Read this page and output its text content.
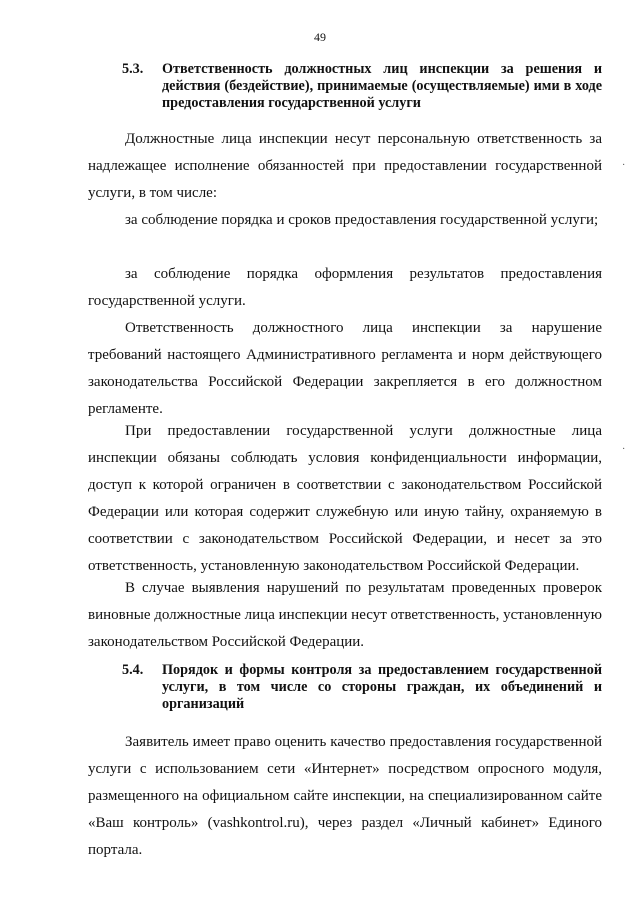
49
5.3. Ответственность должностных лиц инспекции за решения и действия (бездействие), принимаемые (осуществляемые) ими в ходе предоставления государственной услуги

Должностные лица инспекции несут персональную ответственность за надлежащее исполнение обязанностей при предоставлении государственной услуги, в том числе:

за соблюдение порядка и сроков предоставления государственной услуги;

за соблюдение порядка оформления результатов предоставления государственной услуги.

Ответственность должностного лица инспекции за нарушение требований настоящего Административного регламента и норм действующего законодательства Российской Федерации закрепляется в его должностном регламенте.

При предоставлении государственной услуги должностные лица инспекции обязаны соблюдать условия конфиденциальности информации, доступ к которой ограничен в соответствии с законодательством Российской Федерации или которая содержит служебную или иную тайну, охраняемую в соответствии с законодательством Российской Федерации, и несет за это ответственность, установленную законодательством Российской Федерации.

В случае выявления нарушений по результатам проведенных проверок виновные должностные лица инспекции несут ответственность, установленную законодательством Российской Федерации.

5.4. Порядок и формы контроля за предоставлением государственной услуги, в том числе со стороны граждан, их объединений и организаций

Заявитель имеет право оценить качество предоставления государственной услуги с использованием сети «Интернет» посредством опросного модуля, размещенного на официальном сайте инспекции, на специализированном сайте «Ваш контроль» (vashkontrol.ru), через раздел «Личный кабинет» Единого портала.

·
·
